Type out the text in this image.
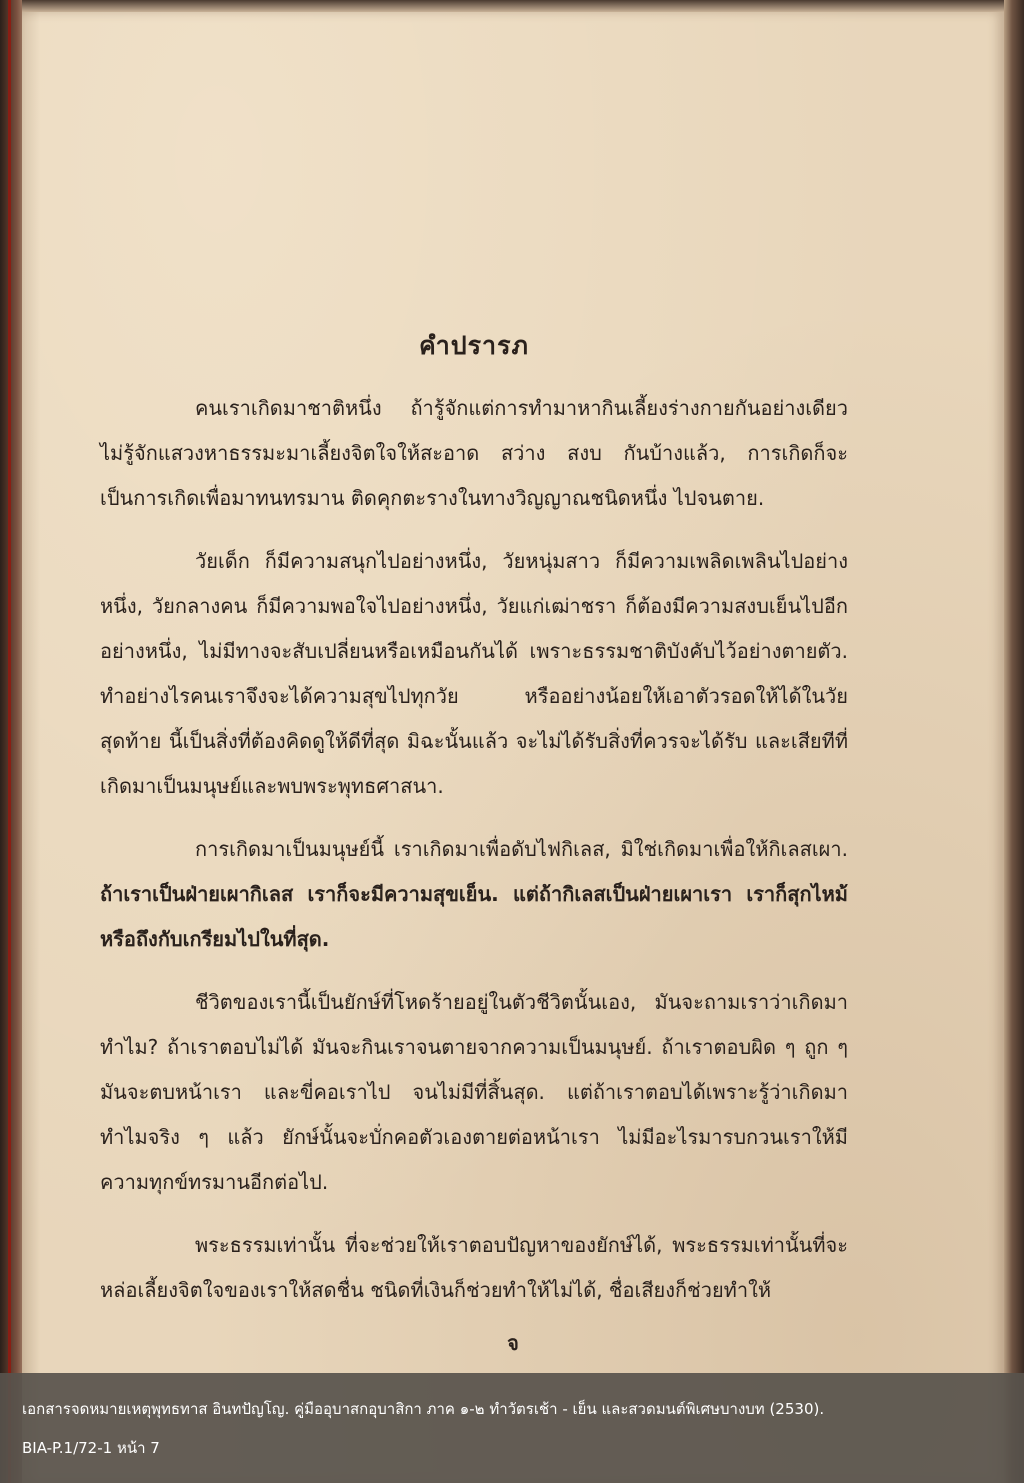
จ
คำปรารภ

คนเราเกิดมาชาติหนึ่ง ถ้ารู้จักแต่การทำมาหากินเลี้ยงร่างกายกันอย่างเดียว ไม่รู้จักแสวงหาธรรมะมาเลี้ยงจิตใจให้สะอาด สว่าง สงบ กันบ้างแล้ว, การเกิดก็จะเป็นการเกิดเพื่อมาทนทรมาน ติดคุกตะรางในทางวิญญาณชนิดหนึ่ง ไปจนตาย.

วัยเด็ก ก็มีความสนุกไปอย่างหนึ่ง, วัยหนุ่มสาว ก็มีความเพลิดเพลินไปอย่างหนึ่ง, วัยกลางคน ก็มีความพอใจไปอย่างหนึ่ง, วัยแก่เฒ่าชรา ก็ต้องมีความสงบเย็นไปอีกอย่างหนึ่ง, ไม่มีทางจะสับเปลี่ยนหรือเหมือนกันได้ เพราะธรรมชาติบังคับไว้อย่างตายตัว. ทำอย่างไรคนเราจึงจะได้ความสุขไปทุกวัย หรืออย่างน้อยให้เอาตัวรอดให้ได้ในวัยสุดท้าย นี้เป็นสิ่งที่ต้องคิดดูให้ดีที่สุด มิฉะนั้นแล้ว จะไม่ได้รับสิ่งที่ควรจะได้รับ และเสียทีที่เกิดมาเป็นมนุษย์และพบพระพุทธศาสนา.

การเกิดมาเป็นมนุษย์นี้ เราเกิดมาเพื่อดับไฟกิเลส, มิใช่เกิดมาเพื่อให้กิเลสเผา. ถ้าเราเป็นฝ่ายเผากิเลส เราก็จะมีความสุขเย็น. แต่ถ้ากิเลสเป็นฝ่ายเผาเรา เราก็สุกไหม้ หรือถึงกับเกรียมไปในที่สุด.

ชีวิตของเรานี้เป็นยักษ์ที่โหดร้ายอยู่ในตัวชีวิตนั้นเอง, มันจะถามเราว่าเกิดมาทำไม? ถ้าเราตอบไม่ได้ มันจะกินเราจนตายจากความเป็นมนุษย์. ถ้าเราตอบผิด ๆ ถูก ๆ มันจะตบหน้าเรา และขี่คอเราไป จนไม่มีที่สิ้นสุด. แต่ถ้าเราตอบได้เพราะรู้ว่าเกิดมาทำไมจริง ๆ แล้ว ยักษ์นั้นจะบั่กคอตัวเองตายต่อหน้าเรา ไม่มีอะไรมารบกวนเราให้มีความทุกข์ทรมานอีกต่อไป.

พระธรรมเท่านั้น ที่จะช่วยให้เราตอบปัญหาของยักษ์ได้, พระธรรมเท่านั้นที่จะหล่อเลี้ยงจิตใจของเราให้สดชื่น ชนิดที่เงินก็ช่วยทำให้ไม่ได้, ชื่อเสียงก็ช่วยทำให้

เอกสารจดหมายเหตุพุทธทาส อินทปัญโญ. คู่มืออุบาสกอุบาสิกา ภาค ๑-๒ ทำวัตรเช้า - เย็น และสวดมนต์พิเศษบางบท (2530).
BIA-P.1/72-1 หน้า 7
